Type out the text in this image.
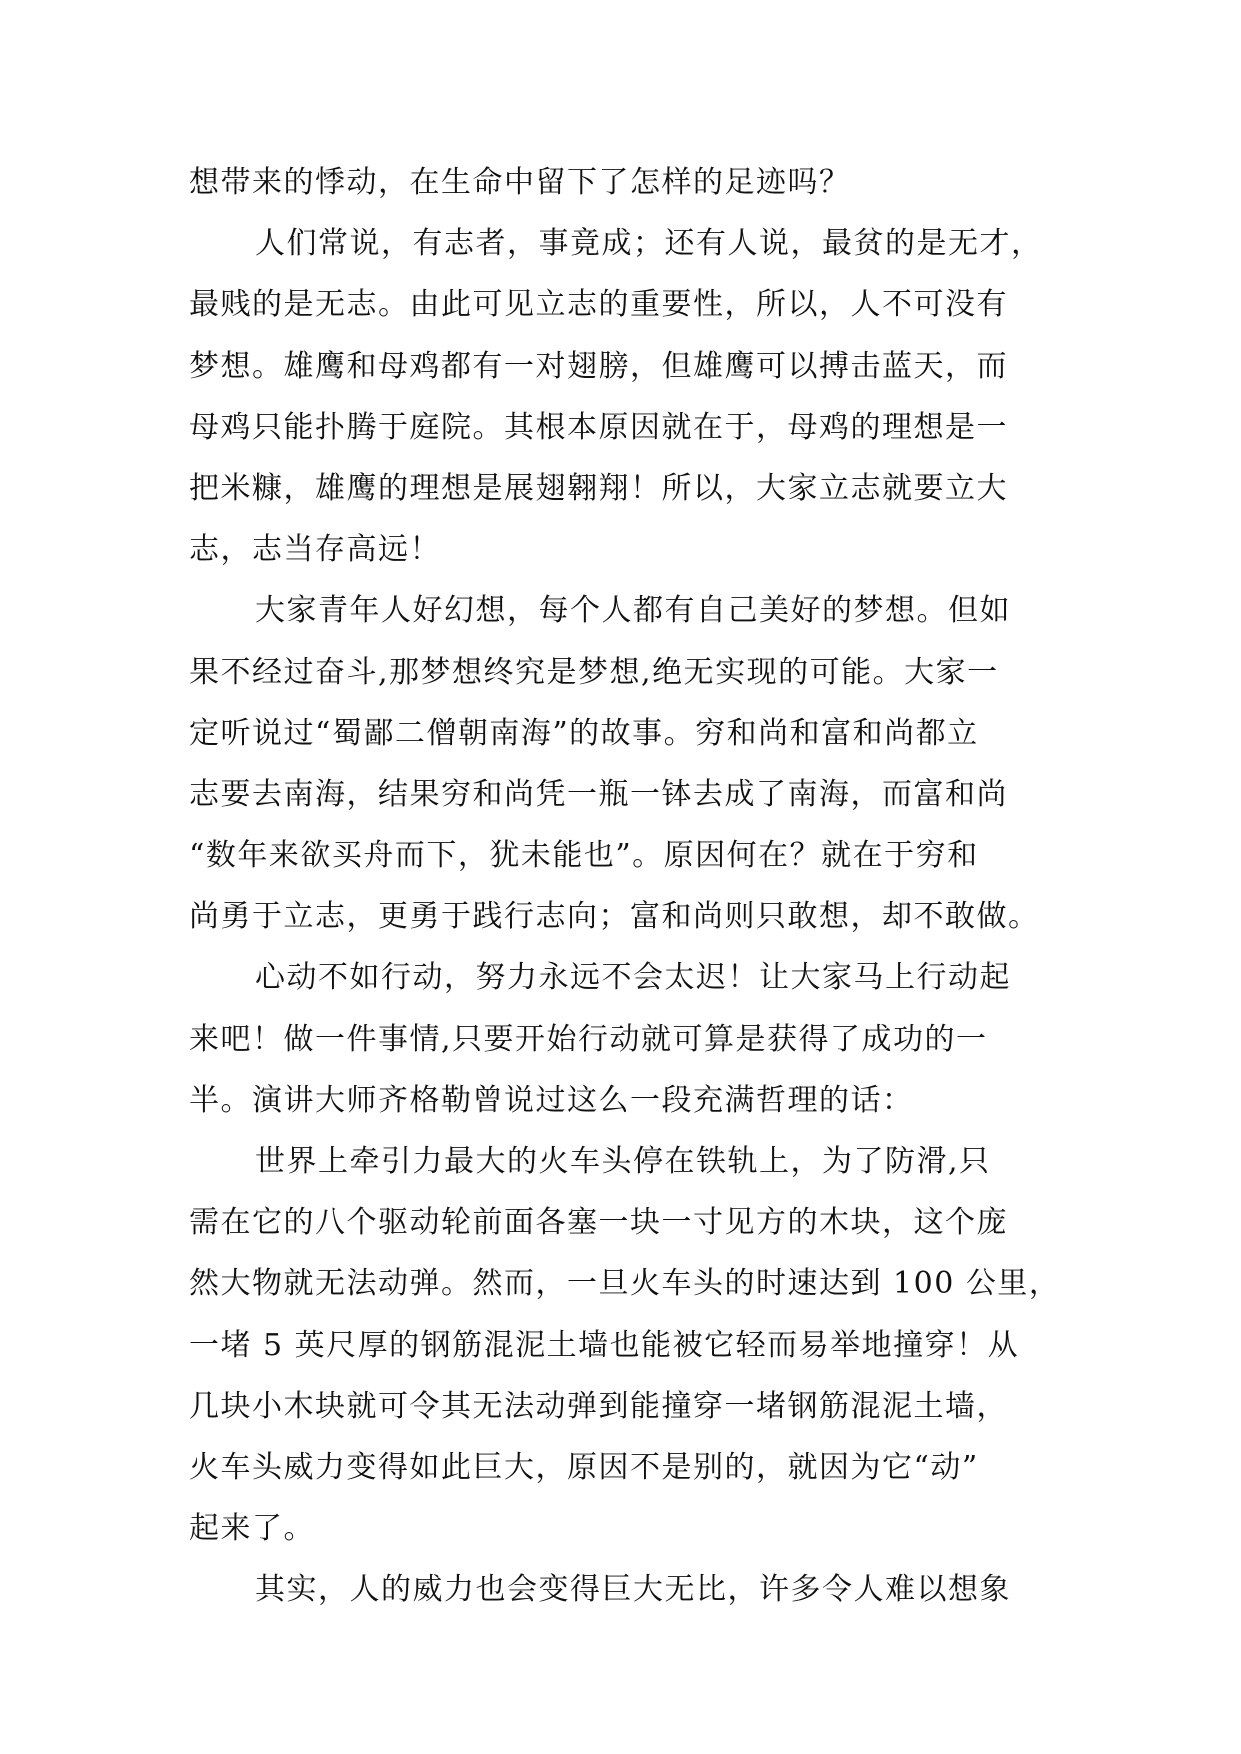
想带来的悸动，在生命中留下了怎样的足迹吗？
人们常说，有志者，事竟成；还有人说，最贫的是无才，
最贱的是无志。由此可见立志的重要性，所以，人不可没有
梦想。雄鹰和母鸡都有一对翅膀，但雄鹰可以搏击蓝天，而
母鸡只能扑腾于庭院。其根本原因就在于，母鸡的理想是一
把米糠，雄鹰的理想是展翅翱翔！所以，大家立志就要立大
志，志当存高远！
大家青年人好幻想，每个人都有自己美好的梦想。但如
果不经过奋斗,那梦想终究是梦想,绝无实现的可能。大家一
定听说过“蜀鄙二僧朝南海”的故事。穷和尚和富和尚都立
志要去南海，结果穷和尚凭一瓶一钵去成了南海，而富和尚
“数年来欲买舟而下，犹未能也”。原因何在？就在于穷和
尚勇于立志，更勇于践行志向；富和尚则只敢想，却不敢做。
心动不如行动，努力永远不会太迟！让大家马上行动起
来吧！做一件事情,只要开始行动就可算是获得了成功的一
半。演讲大师齐格勒曾说过这么一段充满哲理的话：
世界上牵引力最大的火车头停在铁轨上，为了防滑,只
需在它的八个驱动轮前面各塞一块一寸见方的木块，这个庞
然大物就无法动弹。然而，一旦火车头的时速达到 100 公里，
一堵 5 英尺厚的钢筋混泥土墙也能被它轻而易举地撞穿！从
几块小木块就可令其无法动弹到能撞穿一堵钢筋混泥土墙，
火车头威力变得如此巨大，原因不是别的，就因为它“动”
起来了。
其实，人的威力也会变得巨大无比，许多令人难以想象
